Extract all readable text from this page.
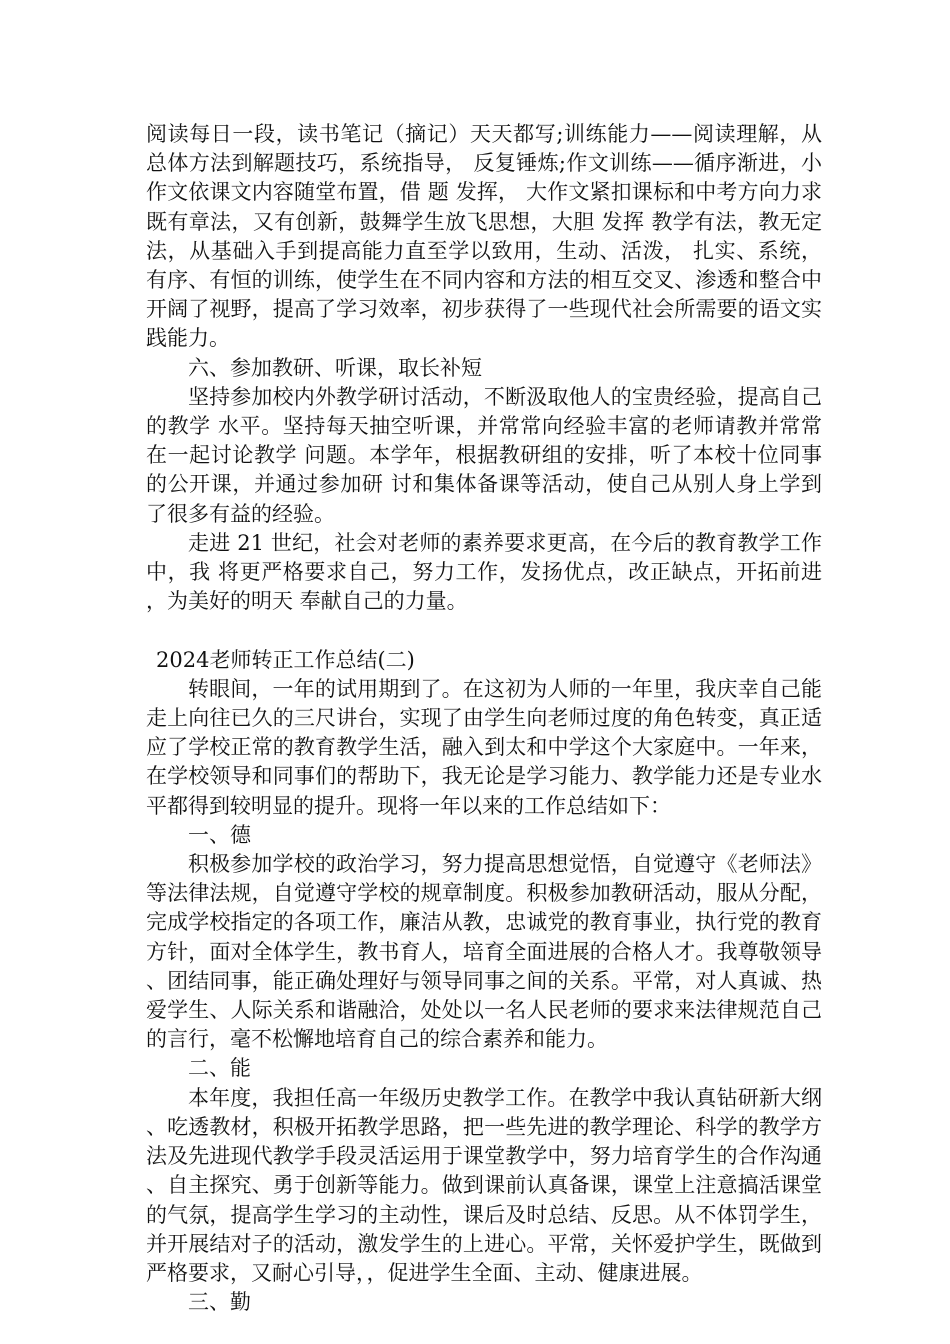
阅读每日一段，读书笔记（摘记）天天都写;训练能力——阅读理解，从总体方法到解题技巧，系统指导， 反复锤炼;作文训练——循序渐进，小作文依课文内容随堂布置，借 题 发挥， 大作文紧扣课标和中考方向力求既有章法，又有创新，鼓舞学生放飞思想，大胆 发挥 教学有法，教无定法，从基础入手到提高能力直至学以致用，生动、活泼， 扎实、系统，有序、有恒的训练，使学生在不同内容和方法的相互交叉、渗透和整合中开阔了视野，提高了学习效率，初步获得了一些现代社会所需要的语文实 践能力。

六、参加教研、听课，取长补短

坚持参加校内外教学研讨活动，不断汲取他人的宝贵经验，提高自己的教学 水平。坚持每天抽空听课，并常常向经验丰富的老师请教并常常在一起讨论教学 问题。本学年，根据教研组的安排，听了本校十位同事的公开课，并通过参加研 讨和集体备课等活动，使自己从别人身上学到了很多有益的经验。

走进 21 世纪，社会对老师的素养要求更高，在今后的教育教学工作中，我 将更严格要求自己，努力工作，发扬优点，改正缺点，开拓前进，为美好的明天 奉献自己的力量。

2024老师转正工作总结(二)

转眼间，一年的试用期到了。在这初为人师的一年里，我庆幸自己能走上向往已久的三尺讲台，实现了由学生向老师过度的角色转变，真正适应了学校正常的教育教学生活，融入到太和中学这个大家庭中。一年来，在学校领导和同事们的帮助下，我无论是学习能力、教学能力还是专业水平都得到较明显的提升。现将一年以来的工作总结如下：

一、德

积极参加学校的政治学习，努力提高思想觉悟，自觉遵守《老师法》等法律法规，自觉遵守学校的规章制度。积极参加教研活动，服从分配，完成学校指定的各项工作，廉洁从教，忠诚党的教育事业，执行党的教育方针，面对全体学生，教书育人，培育全面进展的合格人才。我尊敬领导、团结同事，能正确处理好与领导同事之间的关系。平常，对人真诚、热爱学生、人际关系和谐融洽，处处以一名人民老师的要求来法律规范自己的言行，毫不松懈地培育自己的综合素养和能力。

二、能

本年度，我担任高一年级历史教学工作。在教学中我认真钻研新大纲、吃透教材，积极开拓教学思路，把一些先进的教学理论、科学的教学方法及先进现代教学手段灵活运用于课堂教学中，努力培育学生的合作沟通、自主探究、勇于创新等能力。做到课前认真备课，课堂上注意搞活课堂的气氛，提高学生学习的主动性，课后及时总结、反思。从不体罚学生，并开展结对子的活动，激发学生的上进心。平常，关怀爱护学生，既做到严格要求，又耐心引导，，促进学生全面、主动、健康进展。

三、勤
